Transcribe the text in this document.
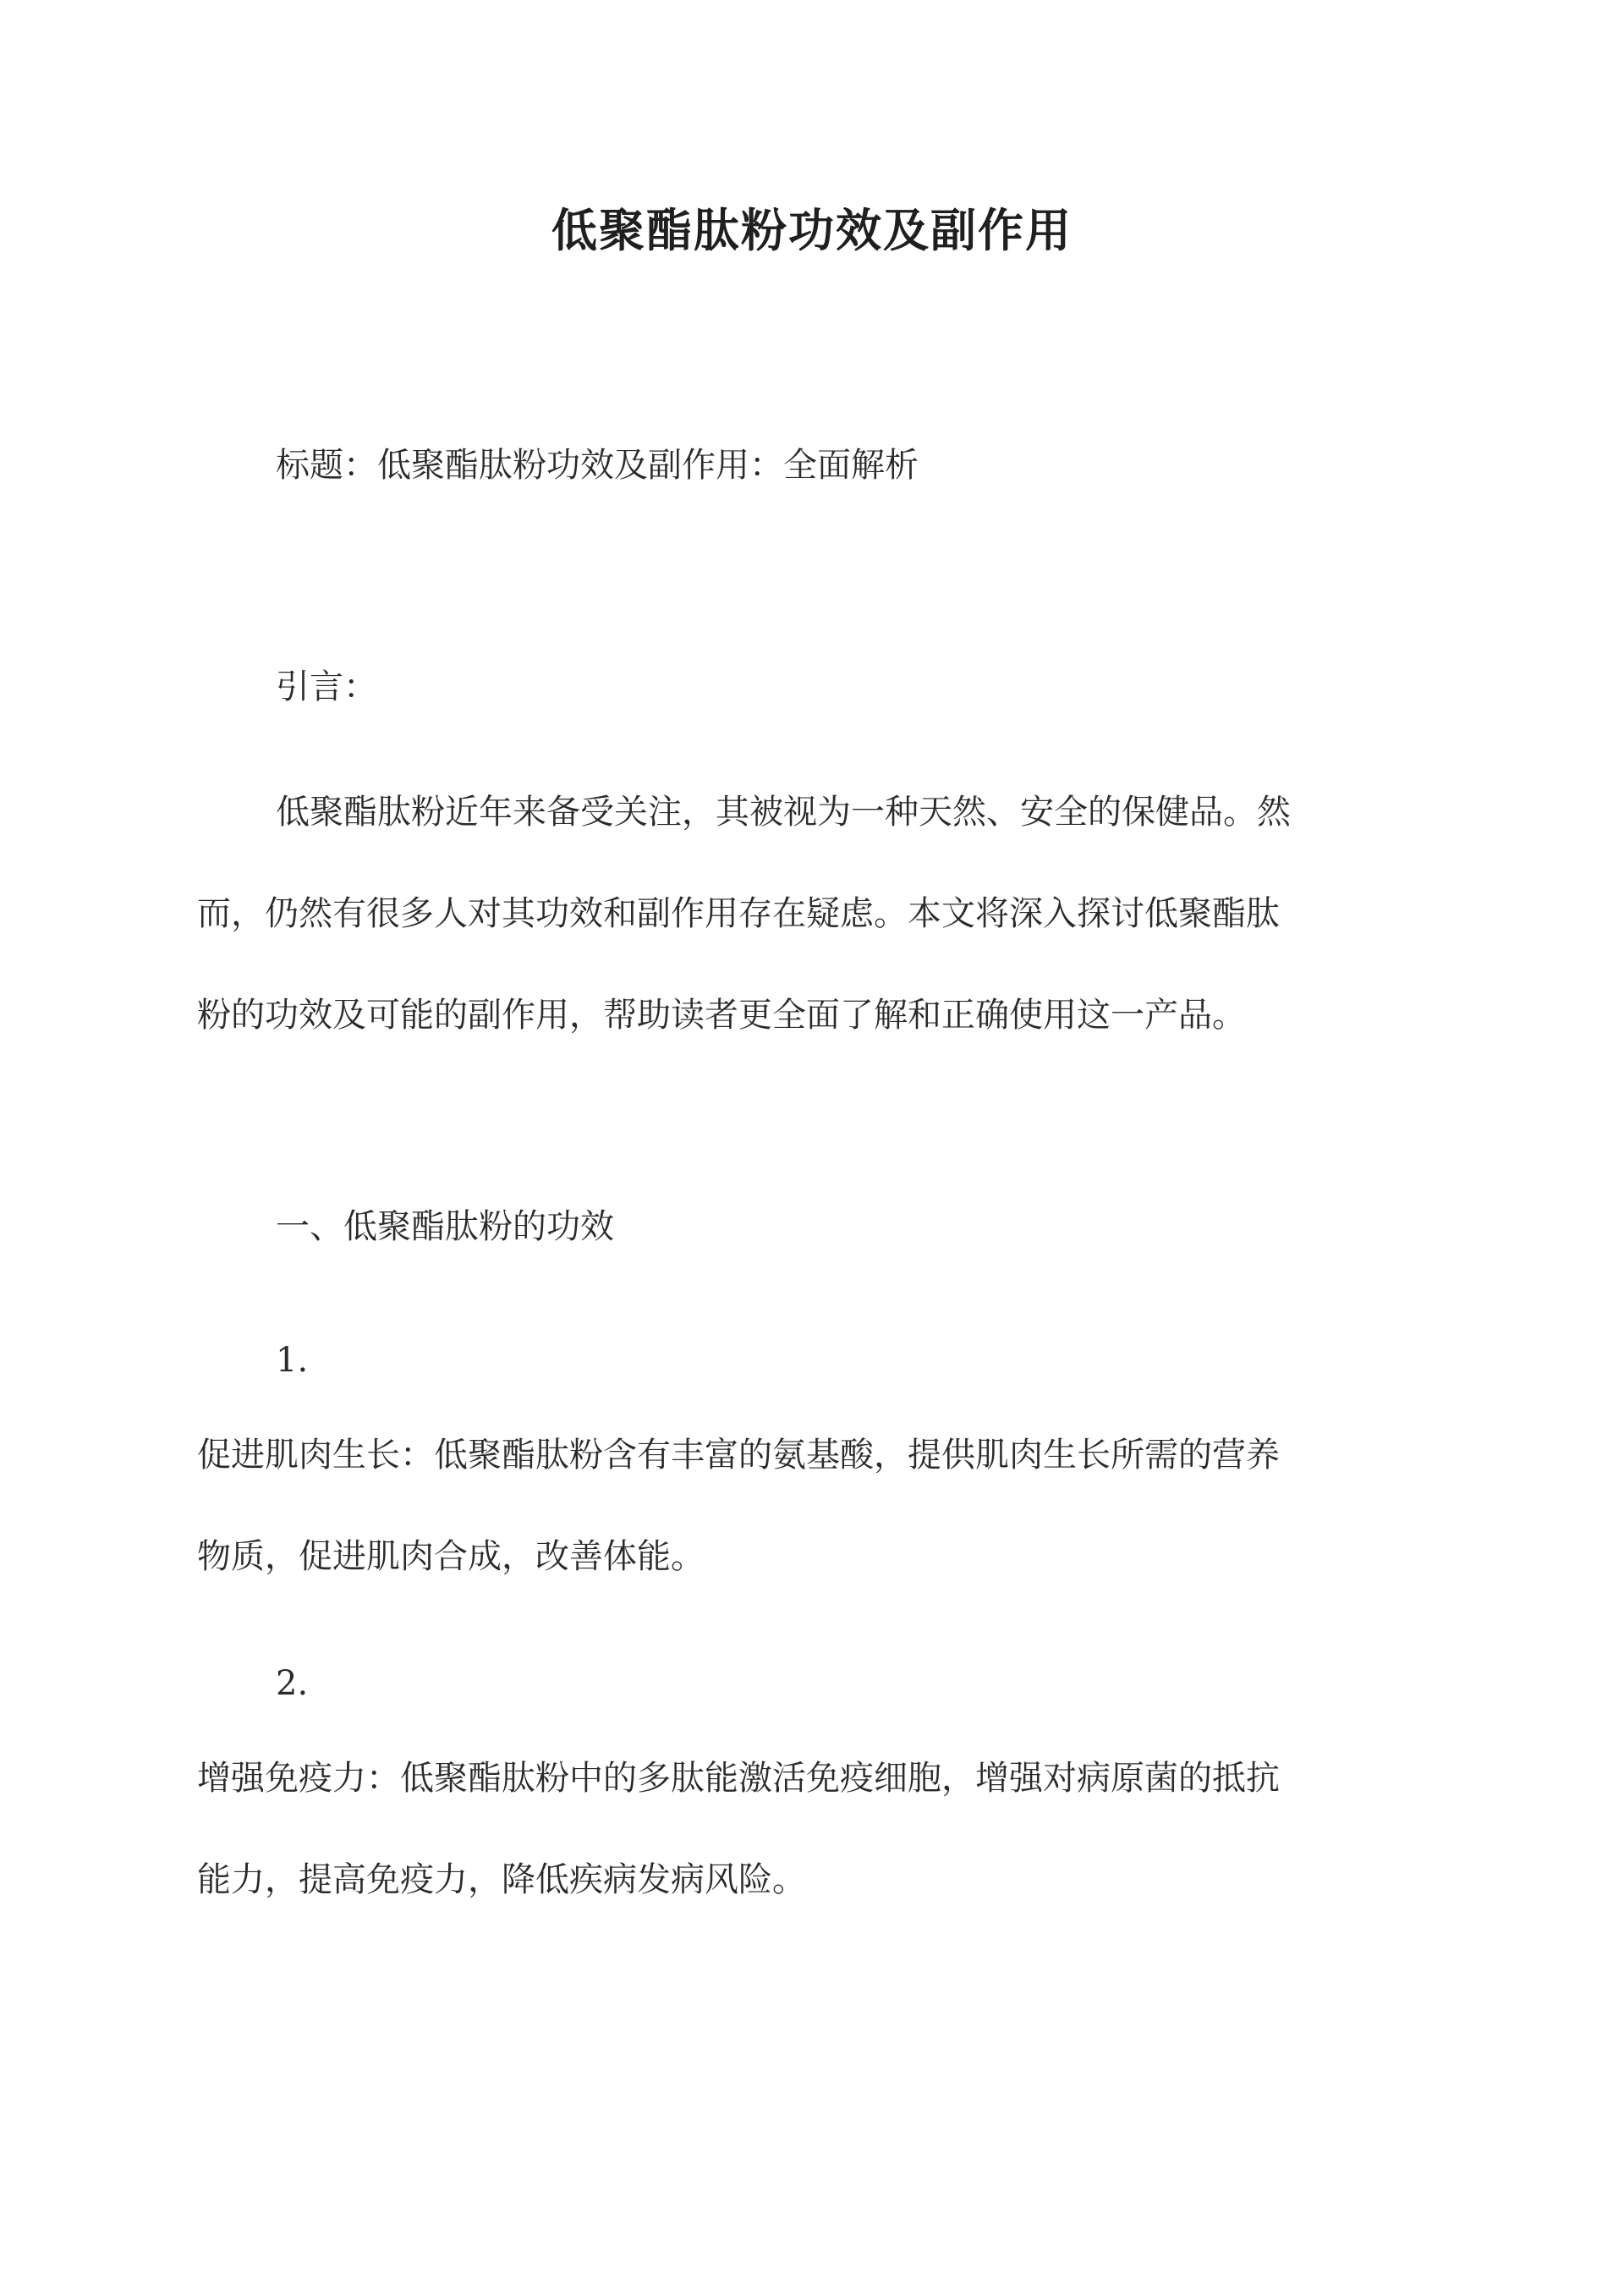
低聚酯肽粉功效及副作用
标题：低聚酯肽粉功效及副作用：全面解析
引言：
低聚酯肽粉近年来备受关注，其被视为一种天然、安全的保健品。然
而，仍然有很多人对其功效和副作用存在疑虑。本文将深入探讨低聚酯肽
粉的功效及可能的副作用，帮助读者更全面了解和正确使用这一产品。
一、低聚酯肽粉的功效
1.
促进肌肉生长：低聚酯肽粉含有丰富的氨基酸，提供肌肉生长所需的营养
物质，促进肌肉合成，改善体能。
2.
增强免疫力：低聚酯肽粉中的多肽能激活免疫细胞，增强对病原菌的抵抗
能力，提高免疫力，降低疾病发病风险。
